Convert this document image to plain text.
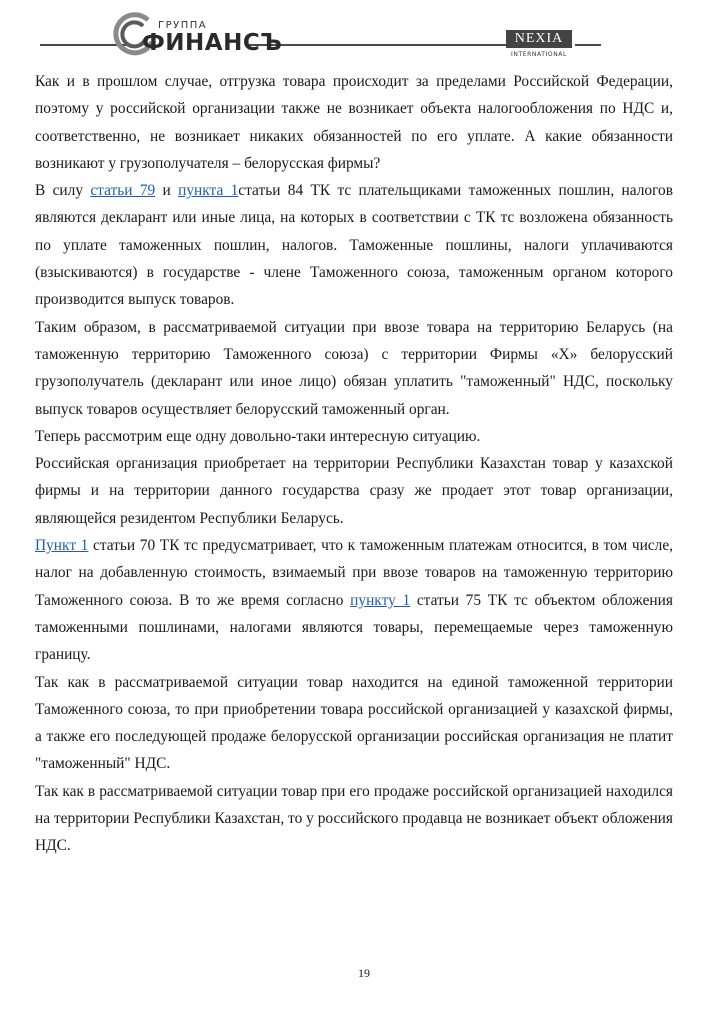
ГРУППА
ФИНАНСЪ	NEXIA
INTERNATIONAL

Как и в прошлом случае, отгрузка товара происходит за пределами Российской Федерации, поэтому у российской организации также не возникает объекта налогообложения по НДС и, соответственно, не возникает никаких обязанностей по его уплате. А какие обязанности возникают у грузополучателя – белорусская фирмы?

В силу статьи 79 и пункта 1статьи 84 ТК тс плательщиками таможенных пошлин, налогов являются декларант или иные лица, на которых в соответствии с ТК тс возложена обязанность по уплате таможенных пошлин, налогов. Таможенные пошлины, налоги уплачиваются (взыскиваются) в государстве - члене Таможенного союза, таможенным органом которого производится выпуск товаров.

Таким образом, в рассматриваемой ситуации при ввозе товара на территорию Беларусь (на таможенную территорию Таможенного союза) с территории Фирмы «Х» белорусский грузополучатель (декларант или иное лицо) обязан уплатить "таможенный" НДС, поскольку выпуск товаров осуществляет белорусский таможенный орган.

Теперь рассмотрим еще одну довольно-таки интересную ситуацию.

Российская организация приобретает на территории Республики Казахстан товар у казахской фирмы и на территории данного государства сразу же продает этот товар организации, являющейся резидентом Республики Беларусь.

Пункт 1 статьи 70 ТК тс предусматривает, что к таможенным платежам относится, в том числе, налог на добавленную стоимость, взимаемый при ввозе товаров на таможенную территорию Таможенного союза. В то же время согласно пункту 1 статьи 75 ТК тс объектом обложения таможенными пошлинами, налогами являются товары, перемещаемые через таможенную границу.

Так как в рассматриваемой ситуации товар находится на единой таможенной территории Таможенного союза, то при приобретении товара российской организацией у казахской фирмы, а также его последующей продаже белорусской организации российская организация не платит "таможенный" НДС.

Так как в рассматриваемой ситуации товар при его продаже российской организацией находился на территории Республики Казахстан, то у российского продавца не возникает объект обложения НДС.

19
